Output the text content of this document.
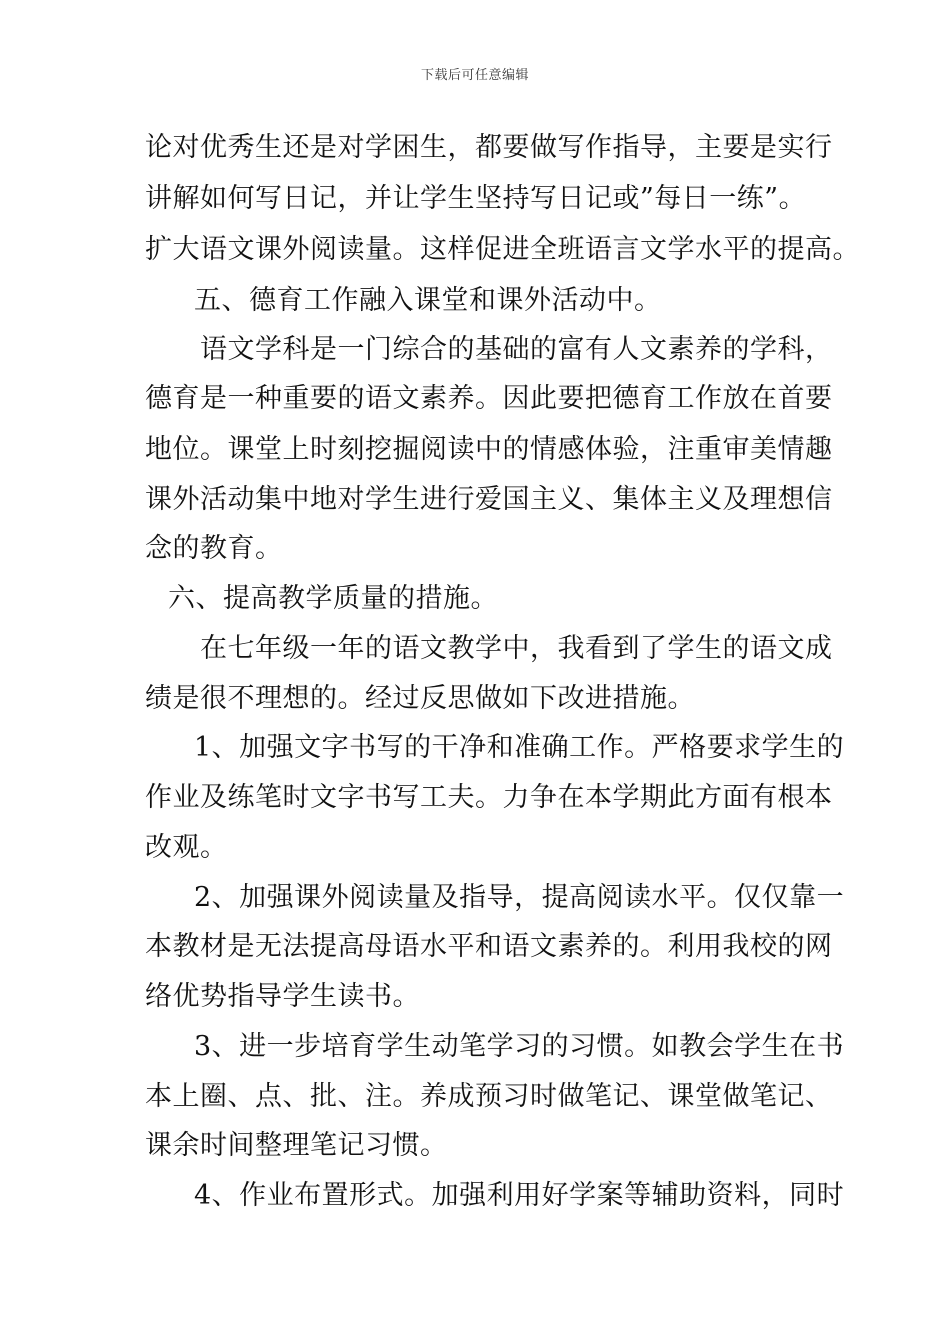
下载后可任意编辑
论对优秀生还是对学困生，都要做写作指导，主要是实行
讲解如何写日记，并让学生坚持写日记或”每日一练”。
扩大语文课外阅读量。这样促进全班语言文学水平的提高。
五、德育工作融入课堂和课外活动中。
语文学科是一门综合的基础的富有人文素养的学科，
德育是一种重要的语文素养。因此要把德育工作放在首要
地位。课堂上时刻挖掘阅读中的情感体验，注重审美情趣
课外活动集中地对学生进行爱国主义、集体主义及理想信
念的教育。
六、提高教学质量的措施。
在七年级一年的语文教学中，我看到了学生的语文成
绩是很不理想的。经过反思做如下改进措施。
1、加强文字书写的干净和准确工作。严格要求学生的
作业及练笔时文字书写工夫。力争在本学期此方面有根本
改观。
2、加强课外阅读量及指导，提高阅读水平。仅仅靠一
本教材是无法提高母语水平和语文素养的。利用我校的网
络优势指导学生读书。
3、进一步培育学生动笔学习的习惯。如教会学生在书
本上圈、点、批、注。养成预习时做笔记、课堂做笔记、
课余时间整理笔记习惯。
4、作业布置形式。加强利用好学案等辅助资料，同时
